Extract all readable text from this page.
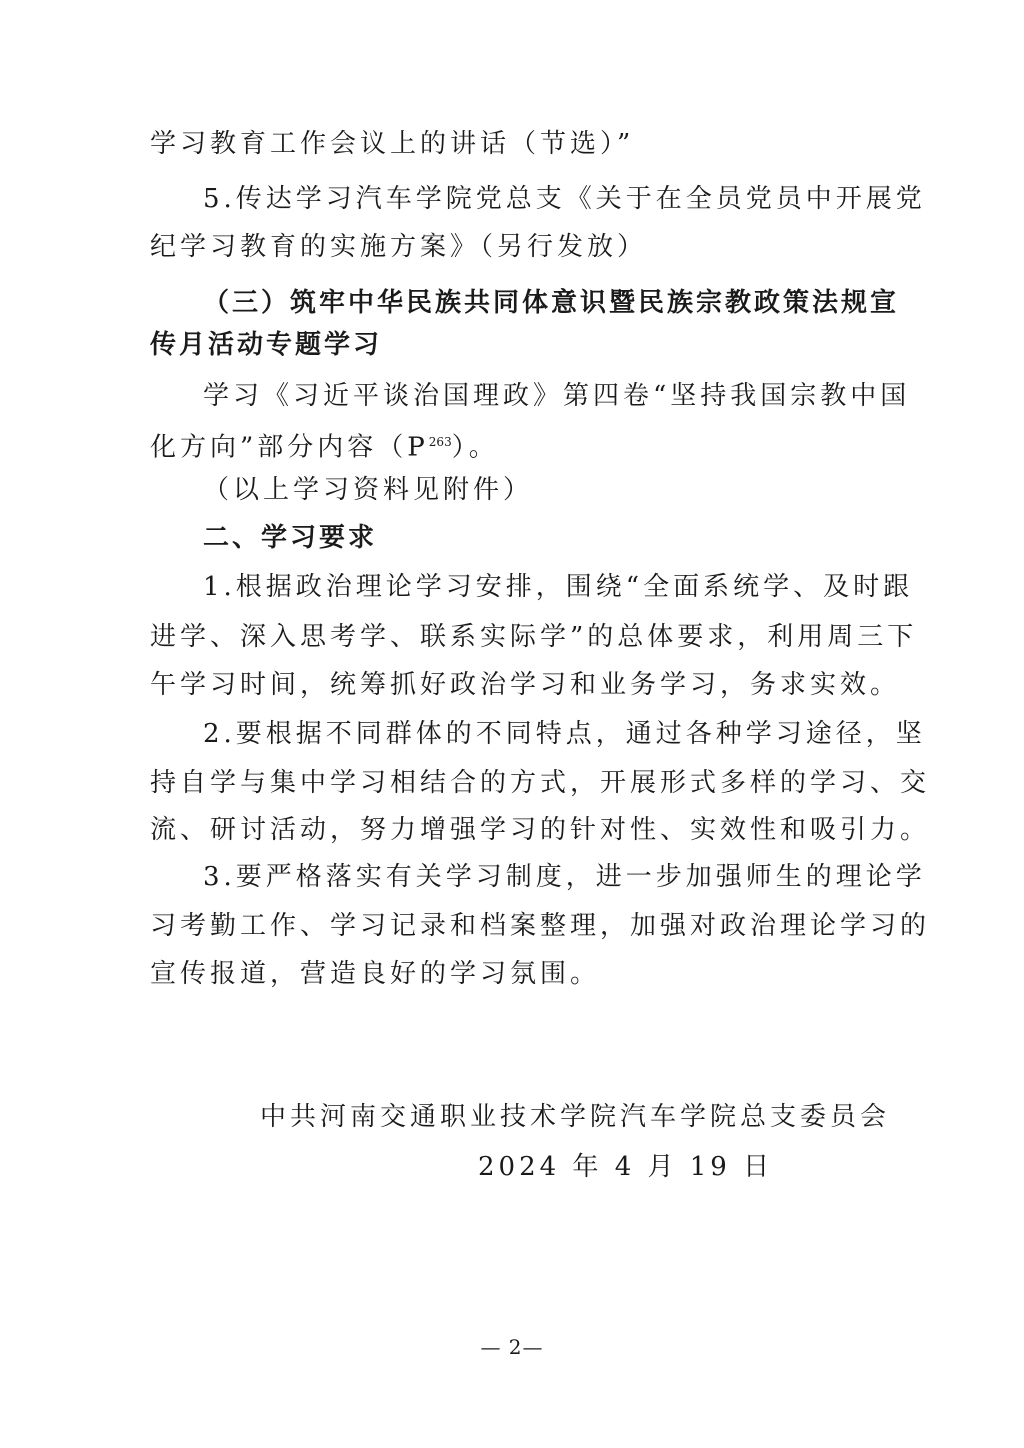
学习教育工作会议上的讲话（节选）”
5.传达学习汽车学院党总支《关于在全员党员中开展党
纪学习教育的实施方案》（另行发放）
（三）筑牢中华民族共同体意识暨民族宗教政策法规宣
传月活动专题学习
学习《习近平谈治国理政》第四卷“坚持我国宗教中国
化方向”部分内容$(P^{263})$。
（以上学习资料见附件）
二、学习要求
1.根据政治理论学习安排，围绕“全面系统学、及时跟
进学、深入思考学、联系实际学”的总体要求，利用周三下
午学习时间，统筹抓好政治学习和业务学习，务求实效。
2.要根据不同群体的不同特点，通过各种学习途径，坚
持自学与集中学习相结合的方式，开展形式多样的学习、交
流、研讨活动，努力增强学习的针对性、实效性和吸引力。
3.要严格落实有关学习制度，进一步加强师生的理论学
习考勤工作、学习记录和档案整理，加强对政治理论学习的
宣传报道，营造良好的学习氛围。
中共河南交通职业技术学院汽车学院总支委员会
2024 年 4 月 19 日
— 2—
